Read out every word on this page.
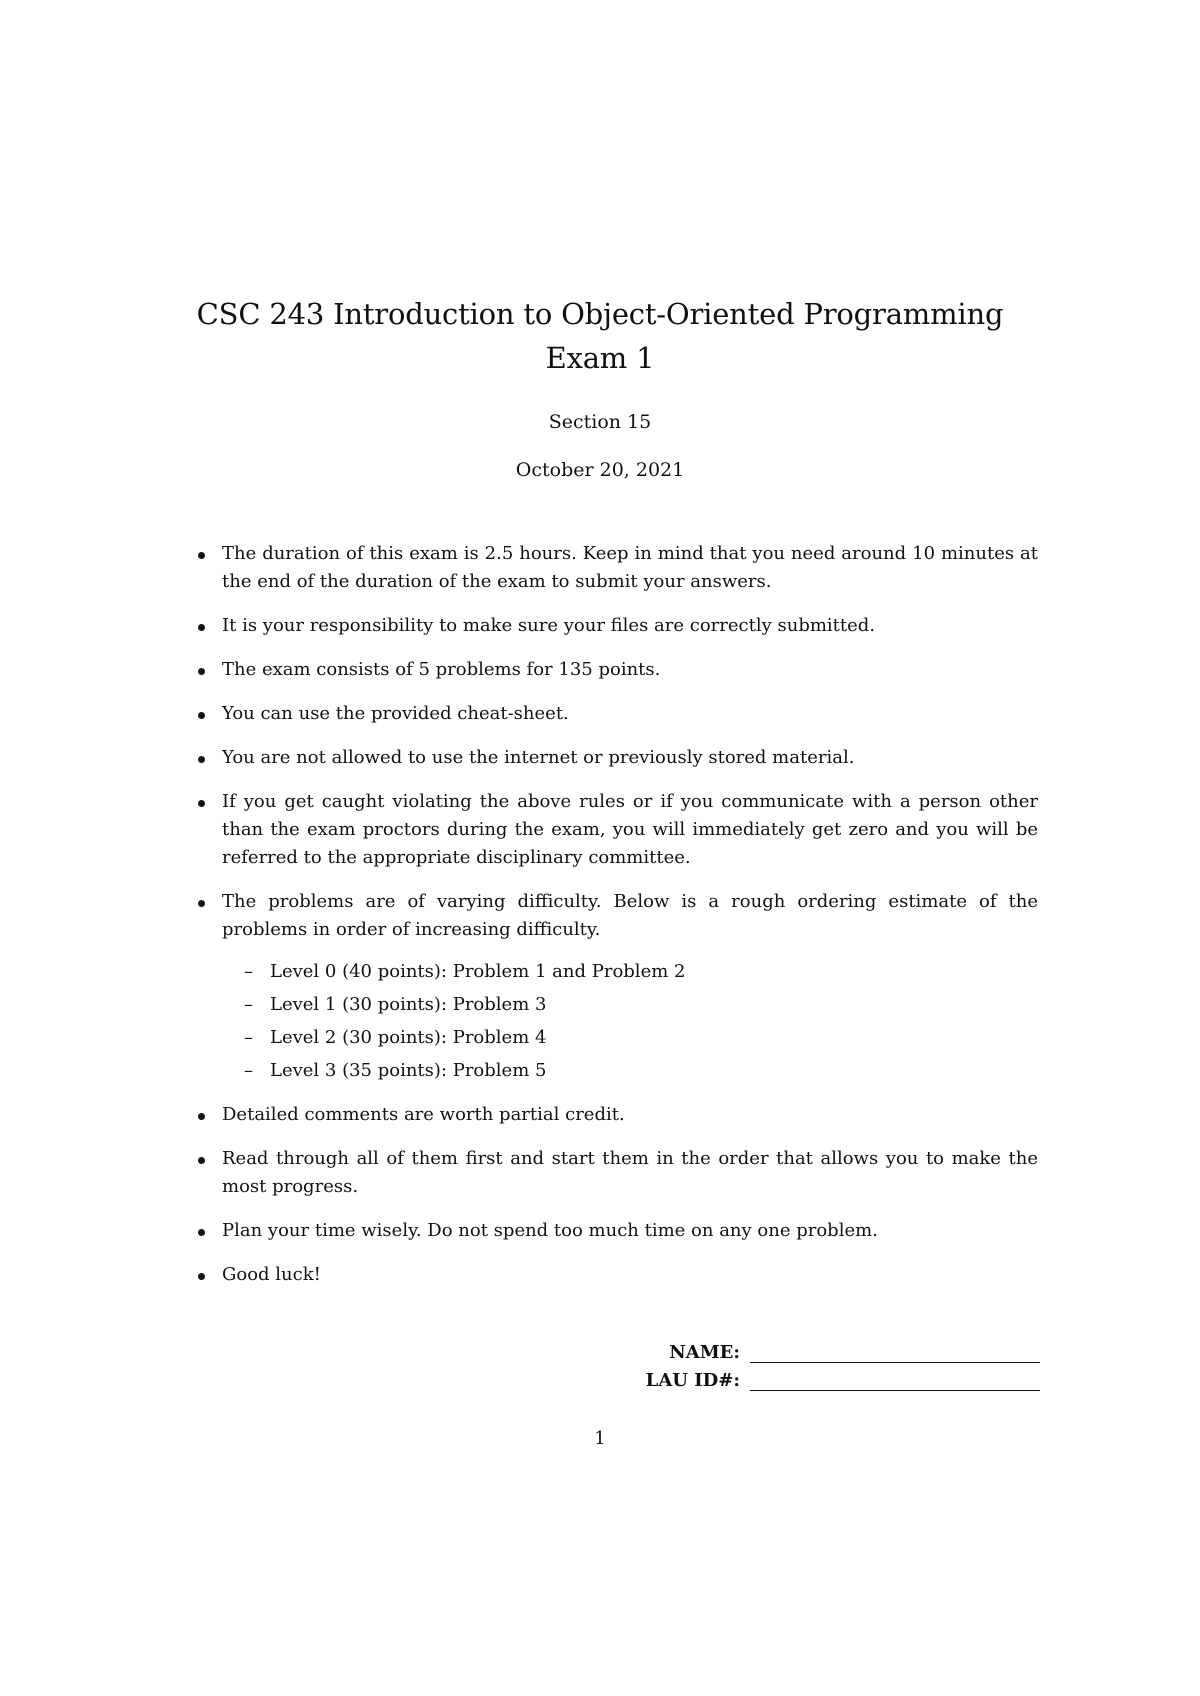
CSC 243 Introduction to Object-Oriented Programming
Exam 1
Section 15
October 20, 2021
The duration of this exam is 2.5 hours. Keep in mind that you need around 10 minutes at the end of the duration of the exam to submit your answers.
It is your responsibility to make sure your files are correctly submitted.
The exam consists of 5 problems for 135 points.
You can use the provided cheat-sheet.
You are not allowed to use the internet or previously stored material.
If you get caught violating the above rules or if you communicate with a person other than the exam proctors during the exam, you will immediately get zero and you will be referred to the appropriate disciplinary committee.
The problems are of varying difficulty. Below is a rough ordering estimate of the problems in order of increasing difficulty.
– Level 0 (40 points): Problem 1 and Problem 2
– Level 1 (30 points): Problem 3
– Level 2 (30 points): Problem 4
– Level 3 (35 points): Problem 5
Detailed comments are worth partial credit.
Read through all of them first and start them in the order that allows you to make the most progress.
Plan your time wisely. Do not spend too much time on any one problem.
Good luck!
NAME:
LAU ID#:
1
